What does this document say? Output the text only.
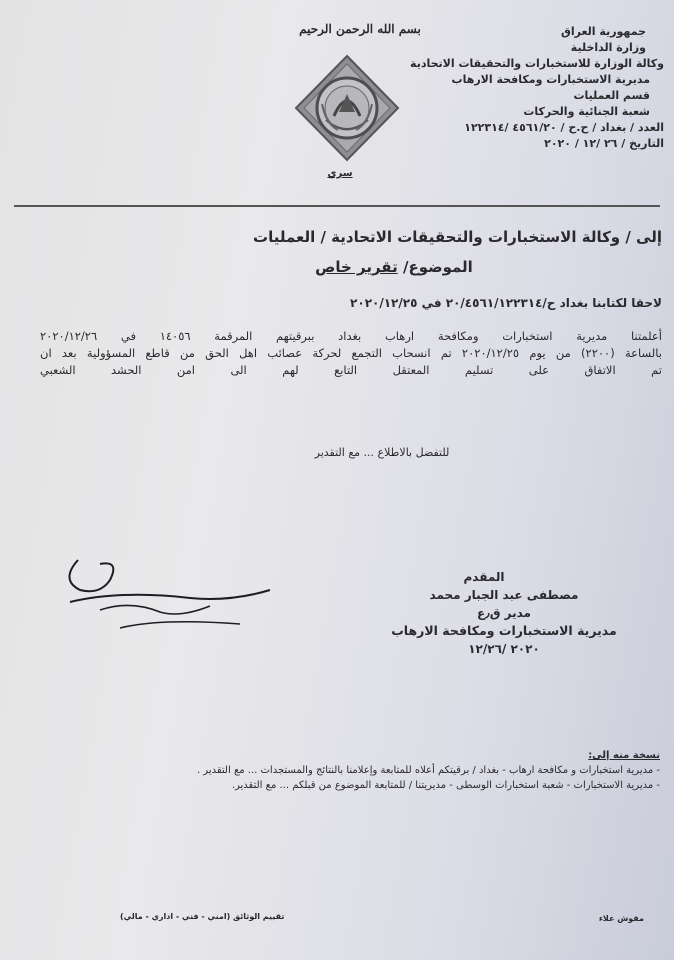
جمهورية العراق
وزارة الداخلية
وكالة الوزارة للاستخبارات والتحقيقات الاتحادية
مديرية الاستخبارات ومكافحة الارهاب
قسم العمليات
شعبة الجنائية والحركات
العدد / بغداد / ح.ح / ٤٥٦١/٢٠ /١٢٢٣١٤
التاريخ / ٢٦ /١٢ / ٢٠٢٠
بسم الله الرحمن الرحيم
سري
إلى / وكالة الاستخبارات والتحقيقات الاتحادية / العمليات
الموضوع/ تقرير خاص
لاحقا لكتابنا بغداد ح/٢٠/٤٥٦١/١٢٢٣١٤ في ٢٠٢٠/١٢/٢٥
أعلمتنا مديرية استخبارات ومكافحة ارهاب بغداد ببرقيتهم المرقمة ١٤٠٥٦ في ٢٠٢٠/١٢/٢٦
بالساعة (٢٢٠٠) من يوم ٢٠٢٠/١٢/٢٥ تم انسحاب التجمع لحركة عصائب اهل الحق من قاطع المسؤولية بعد ان
تم الاتفاق على تسليم المعتقل التابع لهم الى امن الحشد الشعبي
للتفضل بالاطلاع ... مع التقدير
المقدم
مصطفى عبد الجبار محمد
مدير ق٫ع
مديرية الاستخبارات ومكافحة الارهاب
٢٠٢٠ /١٢/٢٦
نسخة منه إلى:
- مديرية استخبارات و مكافحة ارهاب - بغداد / برقيتكم أعلاه للمتابعة وإعلامنا بالنتائج والمستجدات ... مع التقدير .
- مديرية الاستخبارات - شعبة استخبارات الوسطى - مديريتنا / للمتابعة الموضوع من قبلكم ... مع التقدير.
مقوش علاء
تقييم الوثائق (امني - فني - اداري - مالي)
